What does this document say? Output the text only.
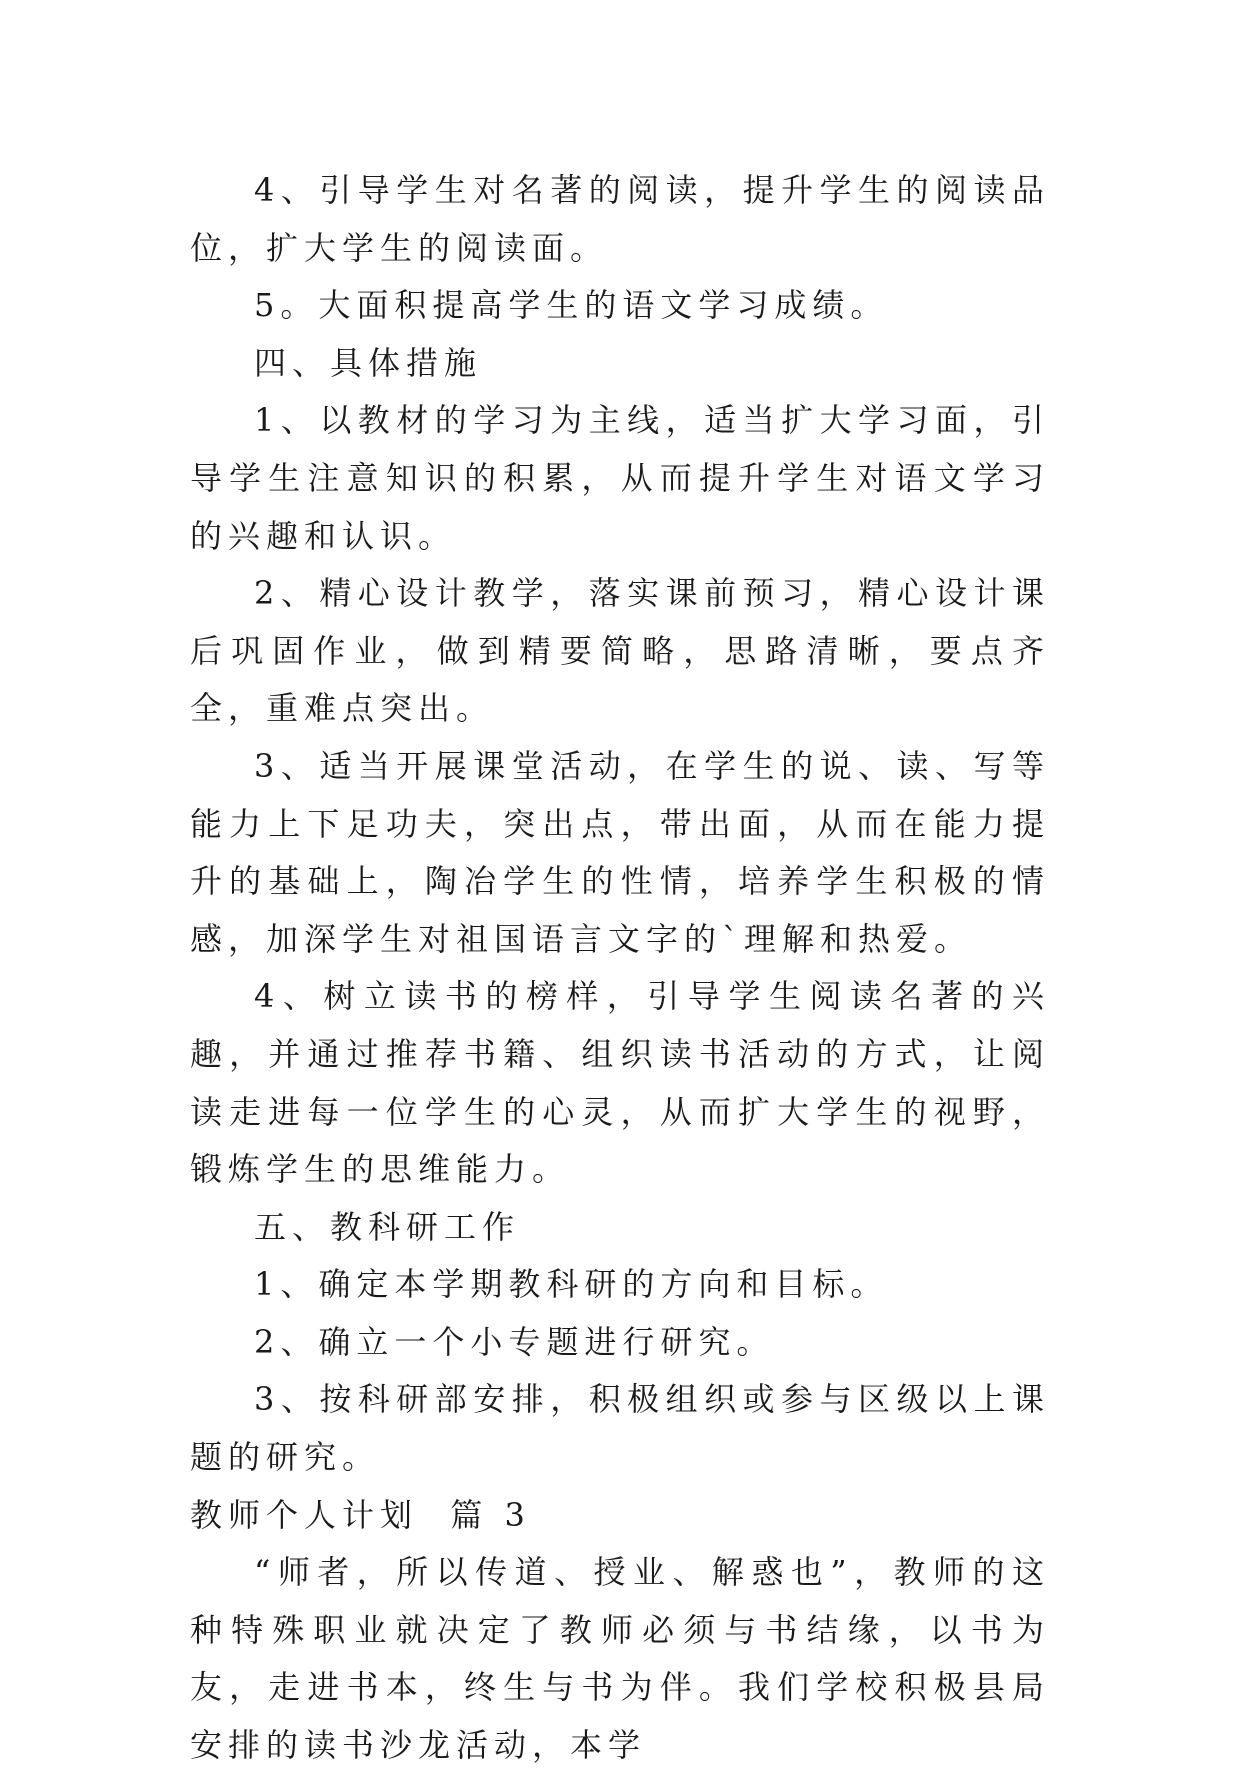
4、引导学生对名著的阅读，提升学生的阅读品位，扩大学生的阅读面。

5。大面积提高学生的语文学习成绩。

四、具体措施

1、以教材的学习为主线，适当扩大学习面，引导学生注意知识的积累，从而提升学生对语文学习的兴趣和认识。

2、精心设计教学，落实课前预习，精心设计课后巩固作业，做到精要简略，思路清晰，要点齐全，重难点突出。

3、适当开展课堂活动，在学生的说、读、写等能力上下足功夫，突出点，带出面，从而在能力提升的基础上，陶冶学生的性情，培养学生积极的情感，加深学生对祖国语言文字的`理解和热爱。

4、树立读书的榜样，引导学生阅读名著的兴趣，并通过推荐书籍、组织读书活动的方式，让阅读走进每一位学生的心灵，从而扩大学生的视野，锻炼学生的思维能力。

五、教科研工作

1、确定本学期教科研的方向和目标。

2、确立一个小专题进行研究。

3、按科研部安排，积极组织或参与区级以上课题的研究。

教师个人计划  篇 3

“师者，所以传道、授业、解惑也”，教师的这种特殊职业就决定了教师必须与书结缘，以书为友，走进书本，终生与书为伴。我们学校积极县局安排的读书沙龙活动，本学
